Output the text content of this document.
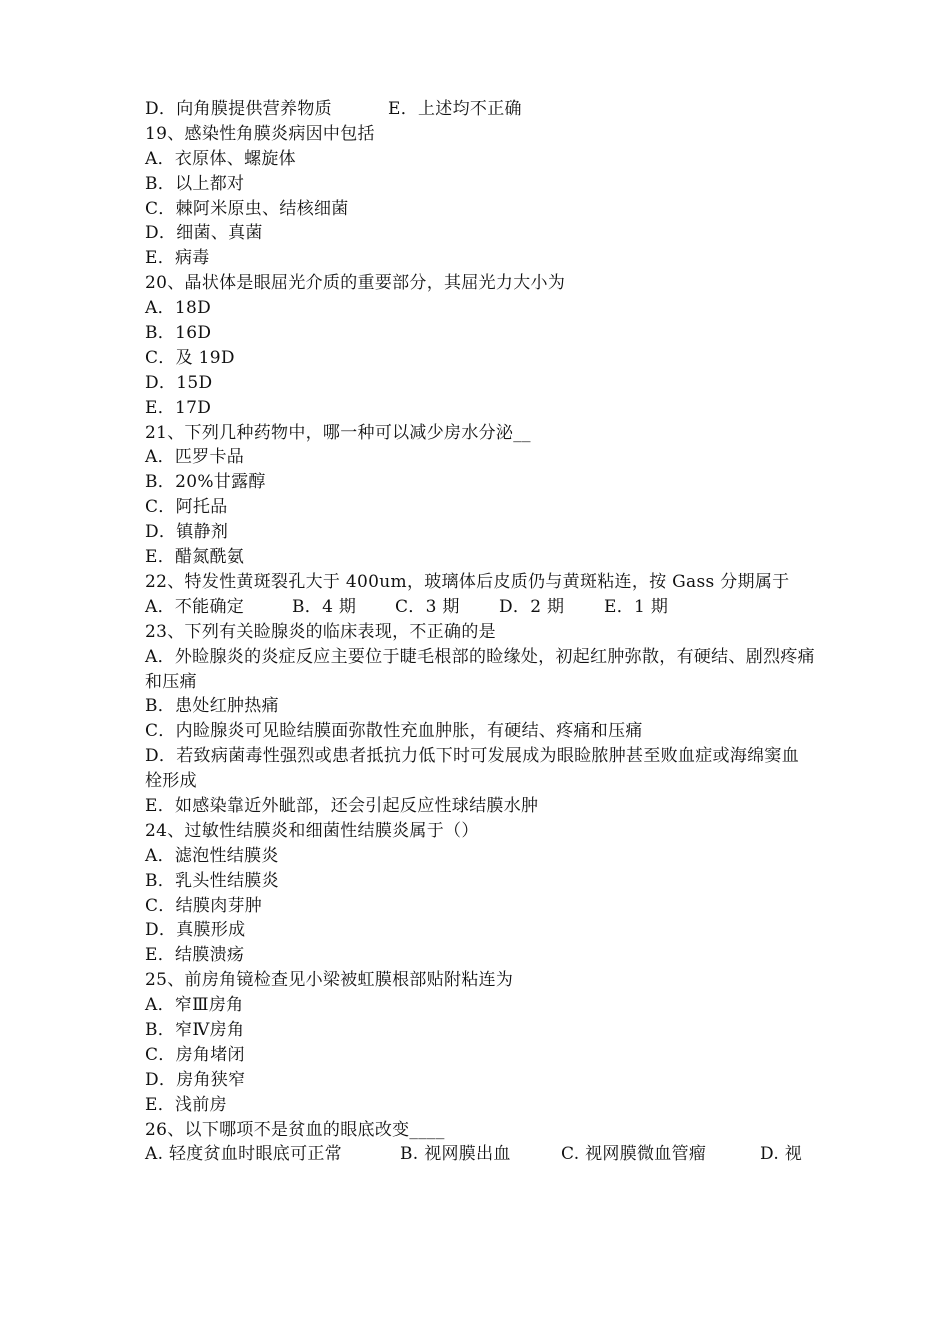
D．向角膜提供营养物质	E．上述均不正确
19、感染性角膜炎病因中包括
A．衣原体、螺旋体
B．以上都对
C．棘阿米原虫、结核细菌
D．细菌、真菌
E．病毒
20、晶状体是眼屈光介质的重要部分，其屈光力大小为
A．18D
B．16D
C．及 19D
D．15D
E．17D
21、下列几种药物中，哪一种可以减少房水分泌__
A．匹罗卡品
B．20%甘露醇
C．阿托品
D．镇静剂
E．醋氮酰氨
22、特发性黄斑裂孔大于 400um，玻璃体后皮质仍与黄斑粘连，按 Gass 分期属于
A．不能确定	B．4 期	C．3 期	D．2 期	E．1 期
23、下列有关睑腺炎的临床表现，不正确的是
A．外睑腺炎的炎症反应主要位于睫毛根部的睑缘处，初起红肿弥散，有硬结、剧烈疼痛和压痛
B．患处红肿热痛
C．内睑腺炎可见睑结膜面弥散性充血肿胀，有硬结、疼痛和压痛
D．若致病菌毒性强烈或患者抵抗力低下时可发展成为眼睑脓肿甚至败血症或海绵窦血栓形成
E．如感染靠近外眦部，还会引起反应性球结膜水肿
24、过敏性结膜炎和细菌性结膜炎属于（）
A．滤泡性结膜炎
B．乳头性结膜炎
C．结膜肉芽肿
D．真膜形成
E．结膜溃疡
25、前房角镜检查见小梁被虹膜根部贴附粘连为
A．窄Ⅲ房角
B．窄Ⅳ房角
C．房角堵闭
D．房角狭窄
E．浅前房
26、以下哪项不是贫血的眼底改变____
A. 轻度贫血时眼底可正常	B. 视网膜出血	C. 视网膜微血管瘤	D. 视
